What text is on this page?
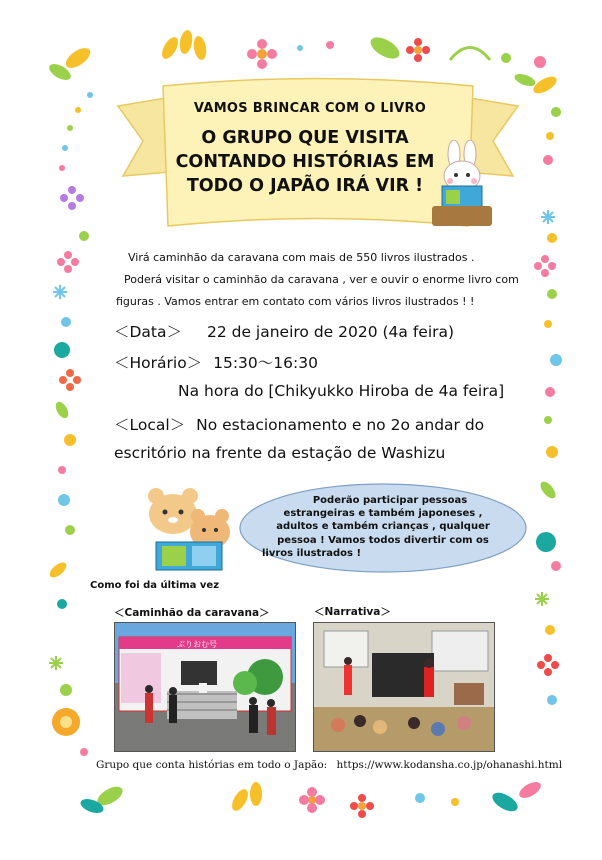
VAMOS BRINCAR COM O LIVRO
O GRUPO QUE VISITA
CONTANDO HISTÓRIAS EM
TODO O JAPÃO IRÁ VIR !
Virá caminhão da caravana com mais de 550 livros ilustrados .
Poderá visitar o caminhão da caravana , ver e ouvir o enorme livro com
figuras . Vamos entrar em contato com vários livros ilustrados ! !
＜Data＞ 22 de janeiro de 2020 (4a feira)
＜Horário＞ 15:30～16:30
Na hora do [Chikyukko Hiroba de 4a feira]
＜Local＞ No estacionamento e no 2o andar do
escritório na frente da estação de Washizu
Poderão participar pessoas
estrangeiras e também japoneses ,
adultos e também crianças , qualquer
pessoa ! Vamos todos divertir com os
livros ilustrados !
Como foi da última vez
＜Caminhão da caravana＞	＜Narrativa＞
ぶりおむ号
Grupo que conta histórias em todo o Japão: https://www.kodansha.co.jp/ohanashi.html
